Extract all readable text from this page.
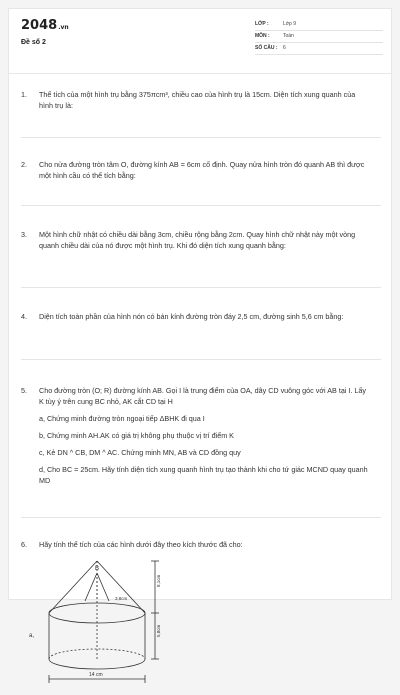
2048.vn
Đề số 2
LỚP :	Lớp 9
MÔN :	Toán
SỐ CÂU :	6
1.	Thể tích của một hình trụ bằng 375πcm³, chiều cao của hình trụ là 15cm. Diện tích xung quanh của hình trụ là:
2.	Cho nửa đường tròn tâm O, đường kính AB = 6cm cố định. Quay nửa hình tròn đó quanh AB thì được một hình cầu có thể tích bằng:
3.	Một hình chữ nhật có chiều dài bằng 3cm, chiều rộng bằng 2cm. Quay hình chữ nhật này một vòng quanh chiều dài của nó được một hình trụ. Khi đó diện tích xung quanh bằng:
4.	Diện tích toàn phần của hình nón có bán kính đường tròn đáy 2,5 cm, đường sinh 5,6 cm bằng:
5.	Cho đường tròn (O; R) đường kính AB. Gọi I là trung điểm của OA, dây CD vuông góc với AB tại I. Lấy K tùy ý trên cung BC nhỏ, AK cắt CD tại H
a, Chứng minh đường tròn ngoại tiếp ΔBHK đi qua I
b, Chứng minh AH.AK có giá trị không phụ thuộc vị trí điểm K
c, Kẻ DN ^ CB, DM ^ AC. Chứng minh MN, AB và CD đồng quy
d, Cho BC = 25cm. Hãy tính diện tích xung quanh hình trụ tạo thành khi cho tứ giác MCND quay quanh MD
6.	Hãy tính thể tích của các hình dưới đây theo kích thước đã cho:
a,
14 cm
8,1cm
5,8cm
B
3,8cm
